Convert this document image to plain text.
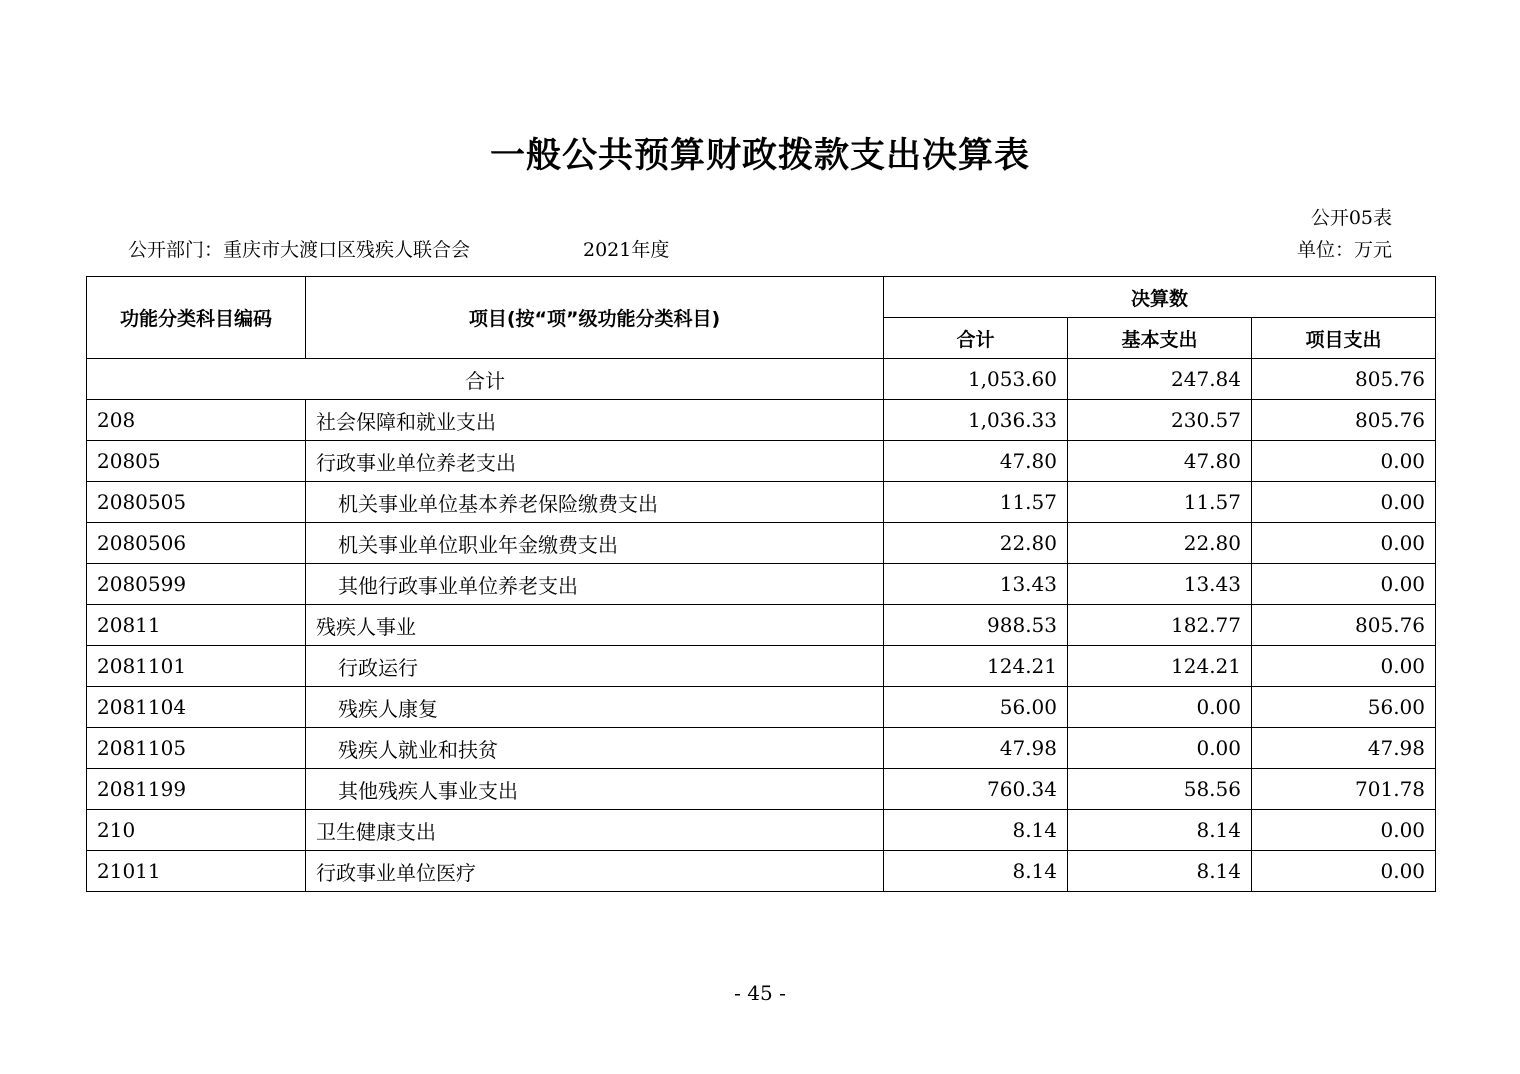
一般公共预算财政拨款支出决算表
公开05表
公开部门：重庆市大渡口区残疾人联合会	2021年度	单位：万元
功能分类科目编码	项目(按“项”级功能分类科目)	决算数		
		合计	基本支出	项目支出
合计		1,053.60	247.84	805.76
208	社会保障和就业支出	1,036.33	230.57	805.76
20805	行政事业单位养老支出	47.80	47.80	0.00
2080505	机关事业单位基本养老保险缴费支出	11.57	11.57	0.00
2080506	机关事业单位职业年金缴费支出	22.80	22.80	0.00
2080599	其他行政事业单位养老支出	13.43	13.43	0.00
20811	残疾人事业	988.53	182.77	805.76
2081101	行政运行	124.21	124.21	0.00
2081104	残疾人康复	56.00	0.00	56.00
2081105	残疾人就业和扶贫	47.98	0.00	47.98
2081199	其他残疾人事业支出	760.34	58.56	701.78
210	卫生健康支出	8.14	8.14	0.00
21011	行政事业单位医疗	8.14	8.14	0.00
- 45 -
